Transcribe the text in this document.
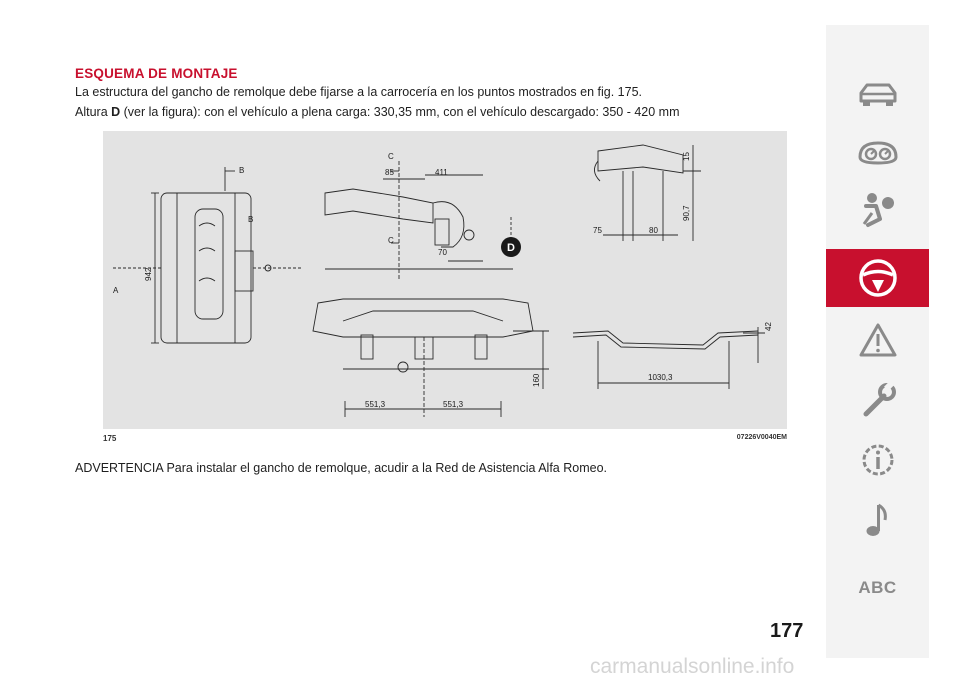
ESQUEMA DE MONTAJE
La estructura del gancho de remolque debe fijarse a la carrocería en los puntos mostrados en fig. 175.
Altura D (ver la figura): con el vehículo a plena carga: 330,35 mm, con el vehículo descargado: 350 - 420 mm
B
B
A
942
C
C
85	411
70	D
15
90,7
75	80
160
551,3	551,3
42
1030,3
175	07226V0040EM
ADVERTENCIA Para instalar el gancho de remolque, acudir a la Red de Asistencia Alfa Romeo.
ABC
177
carmanualsonline.info
